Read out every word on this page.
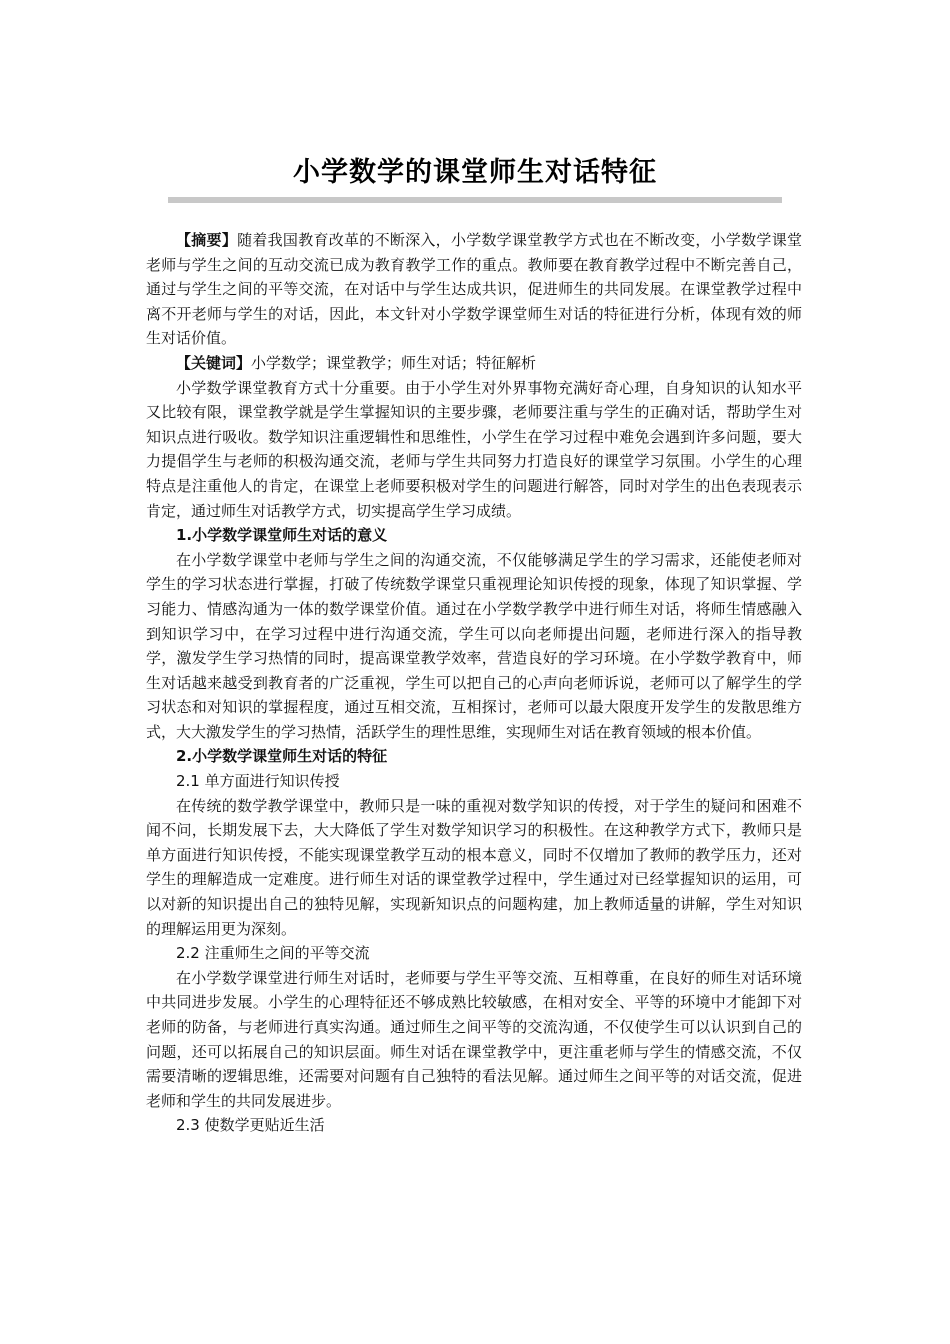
小学数学的课堂师生对话特征

【摘要】随着我国教育改革的不断深入，小学数学课堂教学方式也在不断改变，小学数学课堂老师与学生之间的互动交流已成为教育教学工作的重点。教师要在教育教学过程中不断完善自己，通过与学生之间的平等交流，在对话中与学生达成共识，促进师生的共同发展。在课堂教学过程中离不开老师与学生的对话，因此，本文针对小学数学课堂师生对话的特征进行分析，体现有效的师生对话价值。

【关键词】小学数学；课堂教学；师生对话；特征解析

小学数学课堂教育方式十分重要。由于小学生对外界事物充满好奇心理，自身知识的认知水平又比较有限，课堂教学就是学生掌握知识的主要步骤，老师要注重与学生的正确对话，帮助学生对知识点进行吸收。数学知识注重逻辑性和思维性，小学生在学习过程中难免会遇到许多问题，要大力提倡学生与老师的积极沟通交流，老师与学生共同努力打造良好的课堂学习氛围。小学生的心理特点是注重他人的肯定，在课堂上老师要积极对学生的问题进行解答，同时对学生的出色表现表示肯定，通过师生对话教学方式，切实提高学生学习成绩。

1.小学数学课堂师生对话的意义

在小学数学课堂中老师与学生之间的沟通交流，不仅能够满足学生的学习需求，还能使老师对学生的学习状态进行掌握，打破了传统数学课堂只重视理论知识传授的现象，体现了知识掌握、学习能力、情感沟通为一体的数学课堂价值。通过在小学数学教学中进行师生对话，将师生情感融入到知识学习中，在学习过程中进行沟通交流，学生可以向老师提出问题，老师进行深入的指导教学，激发学生学习热情的同时，提高课堂教学效率，营造良好的学习环境。在小学数学教育中，师生对话越来越受到教育者的广泛重视，学生可以把自己的心声向老师诉说，老师可以了解学生的学习状态和对知识的掌握程度，通过互相交流，互相探讨，老师可以最大限度开发学生的发散思维方式，大大激发学生的学习热情，活跃学生的理性思维，实现师生对话在教育领域的根本价值。

2.小学数学课堂师生对话的特征

2.1 单方面进行知识传授

在传统的数学教学课堂中，教师只是一味的重视对数学知识的传授，对于学生的疑问和困难不闻不问，长期发展下去，大大降低了学生对数学知识学习的积极性。在这种教学方式下，教师只是单方面进行知识传授，不能实现课堂教学互动的根本意义，同时不仅增加了教师的教学压力，还对学生的理解造成一定难度。进行师生对话的课堂教学过程中，学生通过对已经掌握知识的运用，可以对新的知识提出自己的独特见解，实现新知识点的问题构建，加上教师适量的讲解，学生对知识的理解运用更为深刻。

2.2 注重师生之间的平等交流

在小学数学课堂进行师生对话时，老师要与学生平等交流、互相尊重，在良好的师生对话环境中共同进步发展。小学生的心理特征还不够成熟比较敏感，在相对安全、平等的环境中才能卸下对老师的防备，与老师进行真实沟通。通过师生之间平等的交流沟通，不仅使学生可以认识到自己的问题，还可以拓展自己的知识层面。师生对话在课堂教学中，更注重老师与学生的情感交流，不仅需要清晰的逻辑思维，还需要对问题有自己独特的看法见解。通过师生之间平等的对话交流，促进老师和学生的共同发展进步。

2.3 使数学更贴近生活
